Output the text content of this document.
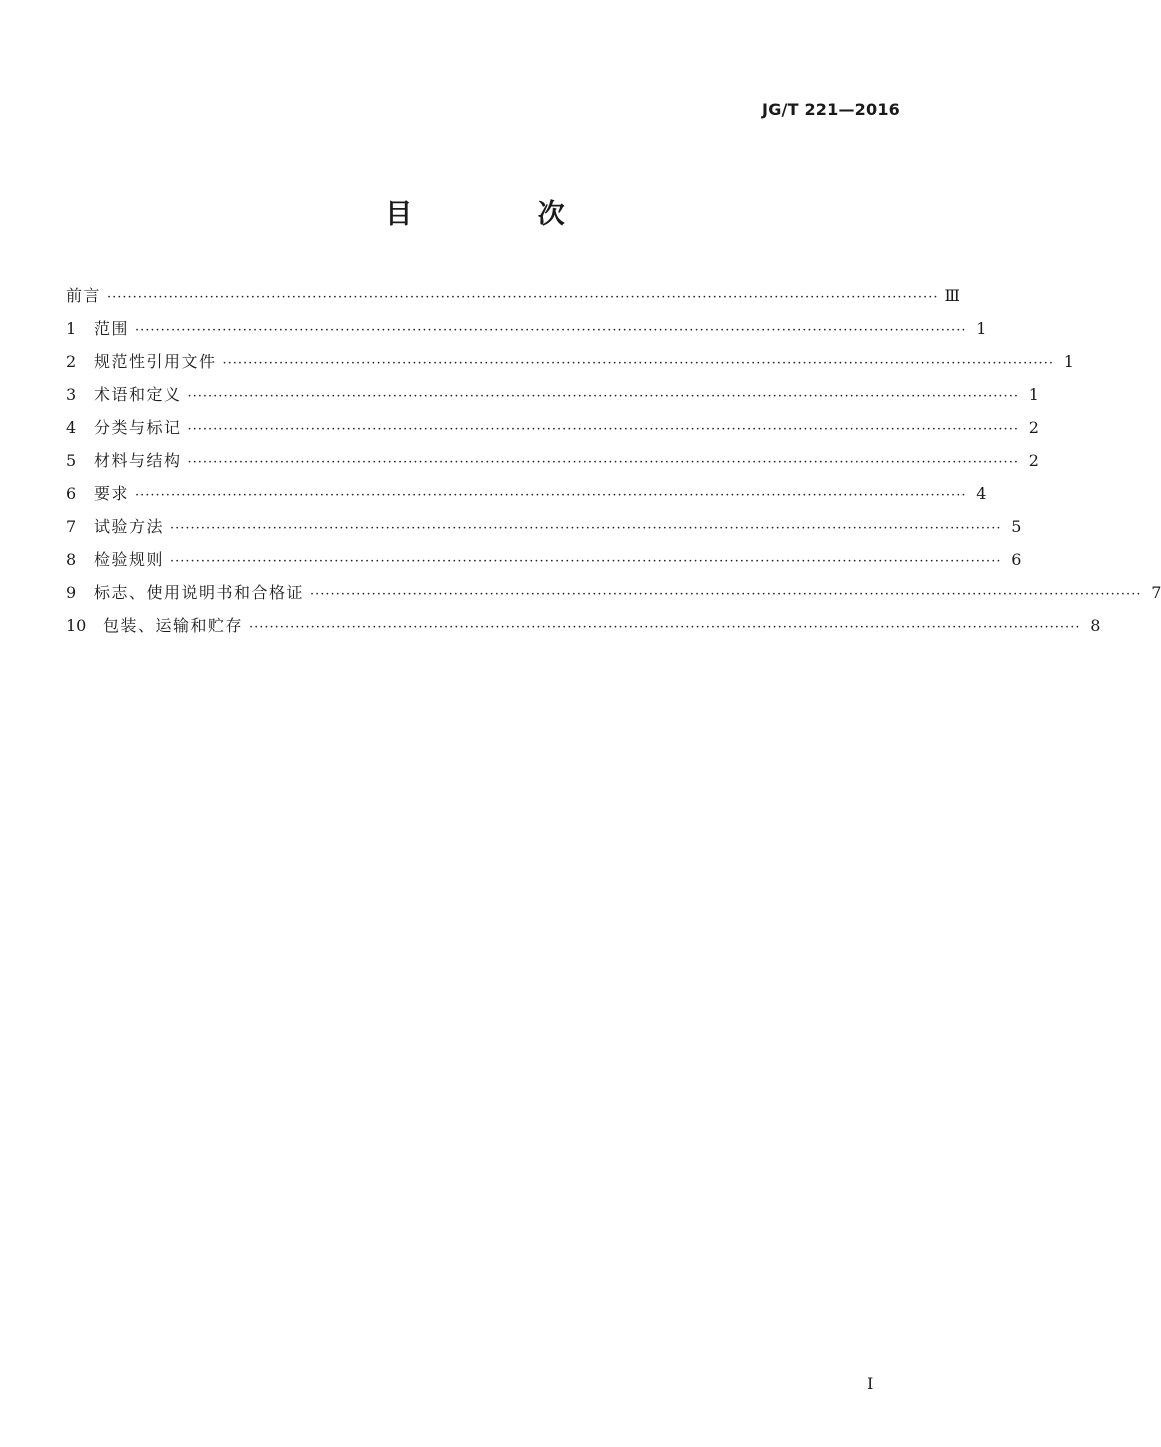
JG/T 221—2016
目 次
前言 ·································································································································································· Ⅲ
1	范围 ·································································································································································· 1
2	规范性引用文件 ·································································································································································· 1
3	术语和定义 ·································································································································································· 1
4	分类与标记 ·································································································································································· 2
5	材料与结构 ·································································································································································· 2
6	要求 ·································································································································································· 4
7	试验方法 ·································································································································································· 5
8	检验规则 ·································································································································································· 6
9	标志、使用说明书和合格证 ·································································································································································· 7
10	包装、运输和贮存 ·································································································································································· 8
I
